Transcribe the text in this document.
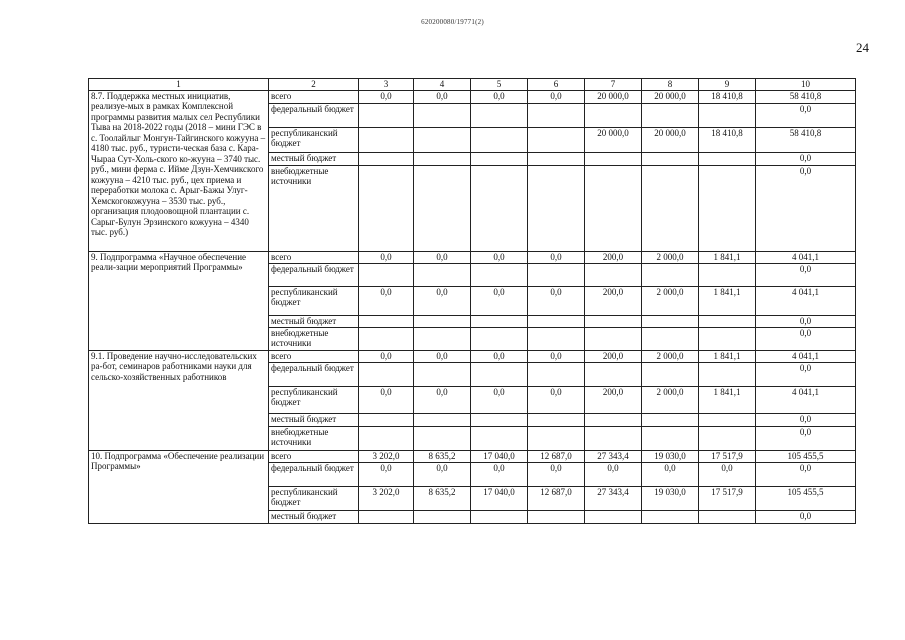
620200080/19771(2)
24
1	2	3	4	5	6	7	8	9	10
8.7. Поддержка местных инициатив, реализуе-мых в рамках Комплексной программы развития малых сел Республики Тыва на 2018-2022 годы (2018 – мини ГЭС в с. Тоолайлыг Монгун-Тайгинского кожууна – 4180 тыс. руб., туристи-ческая база с. Кара-Чыраа Сут-Холь-ского ко-жууна – 3740 тыс. руб., мини ферма с. Ийме Дзун-Хемчикского кожууна – 4210 тыс. руб., цех приема и переработки молока с. Арыг-Бажы Улуг-Хемскогокожууна – 3530 тыс. руб., организация плодоовощной плантации с. Сарыг-Булун Эрзинского кожууна – 4340 тыс. руб.)	всего	0,0	0,0	0,0	0,0	20 000,0	20 000,0	18 410,8	58 410,8
	федеральный бюджет								0,0
	республиканский бюджет					20 000,0	20 000,0	18 410,8	58 410,8
	местный бюджет								0,0
	внебюджетные источники								0,0
9. Подпрограмма «Научное обеспечение реали-зации мероприятий Программы»	всего	0,0	0,0	0,0	0,0	200,0	2 000,0	1 841,1	4 041,1
	федеральный бюджет								0,0
	республиканский бюджет	0,0	0,0	0,0	0,0	200,0	2 000,0	1 841,1	4 041,1
	местный бюджет								0,0
	внебюджетные источники								0,0
9.1. Проведение научно-исследовательских ра-бот, семинаров работниками науки для сельско-хозяйственных работников	всего	0,0	0,0	0,0	0,0	200,0	2 000,0	1 841,1	4 041,1
	федеральный бюджет								0,0
	республиканский бюджет	0,0	0,0	0,0	0,0	200,0	2 000,0	1 841,1	4 041,1
	местный бюджет								0,0
	внебюджетные источники								0,0
10. Подпрограмма «Обеспечение реализации Программы»	всего	3 202,0	8 635,2	17 040,0	12 687,0	27 343,4	19 030,0	17 517,9	105 455,5
	федеральный бюджет	0,0	0,0	0,0	0,0	0,0	0,0	0,0	0,0
	республиканский бюджет	3 202,0	8 635,2	17 040,0	12 687,0	27 343,4	19 030,0	17 517,9	105 455,5
	местный бюджет								0,0
